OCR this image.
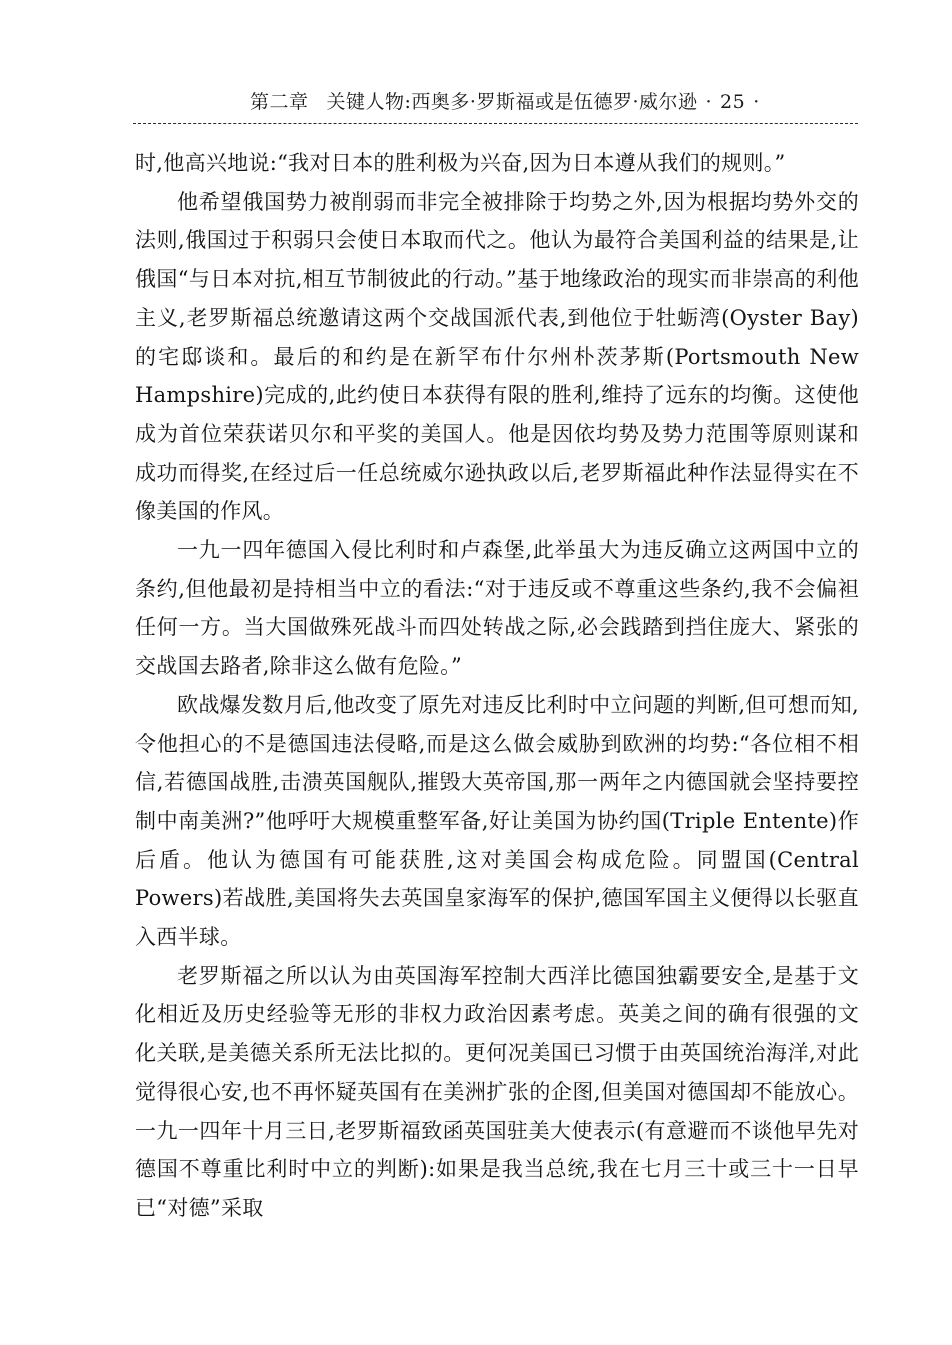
第二章 关键人物:西奥多·罗斯福或是伍德罗·威尔逊 · 25 ·

时,他高兴地说:“我对日本的胜利极为兴奋,因为日本遵从我们的规则。”

他希望俄国势力被削弱而非完全被排除于均势之外,因为根据均势外交的法则,俄国过于积弱只会使日本取而代之。他认为最符合美国利益的结果是,让俄国“与日本对抗,相互节制彼此的行动。”基于地缘政治的现实而非崇高的利他主义,老罗斯福总统邀请这两个交战国派代表,到他位于牡蛎湾(Oyster Bay)的宅邸谈和。最后的和约是在新罕布什尔州朴茨茅斯(Portsmouth New Hampshire)完成的,此约使日本获得有限的胜利,维持了远东的均衡。这使他成为首位荣获诺贝尔和平奖的美国人。他是因依均势及势力范围等原则谋和成功而得奖,在经过后一任总统威尔逊执政以后,老罗斯福此种作法显得实在不像美国的作风。

一九一四年德国入侵比利时和卢森堡,此举虽大为违反确立这两国中立的条约,但他最初是持相当中立的看法:“对于违反或不尊重这些条约,我不会偏袒任何一方。当大国做殊死战斗而四处转战之际,必会践踏到挡住庞大、紧张的交战国去路者,除非这么做有危险。”

欧战爆发数月后,他改变了原先对违反比利时中立问题的判断,但可想而知,令他担心的不是德国违法侵略,而是这么做会威胁到欧洲的均势:“各位相不相信,若德国战胜,击溃英国舰队,摧毁大英帝国,那一两年之内德国就会坚持要控制中南美洲?”他呼吁大规模重整军备,好让美国为协约国(Triple Entente)作后盾。他认为德国有可能获胜,这对美国会构成危险。同盟国(Central Powers)若战胜,美国将失去英国皇家海军的保护,德国军国主义便得以长驱直入西半球。

老罗斯福之所以认为由英国海军控制大西洋比德国独霸要安全,是基于文化相近及历史经验等无形的非权力政治因素考虑。英美之间的确有很强的文化关联,是美德关系所无法比拟的。更何况美国已习惯于由英国统治海洋,对此觉得很心安,也不再怀疑英国有在美洲扩张的企图,但美国对德国却不能放心。一九一四年十月三日,老罗斯福致函英国驻美大使表示(有意避而不谈他早先对德国不尊重比利时中立的判断):如果是我当总统,我在七月三十或三十一日早已“对德”采取
